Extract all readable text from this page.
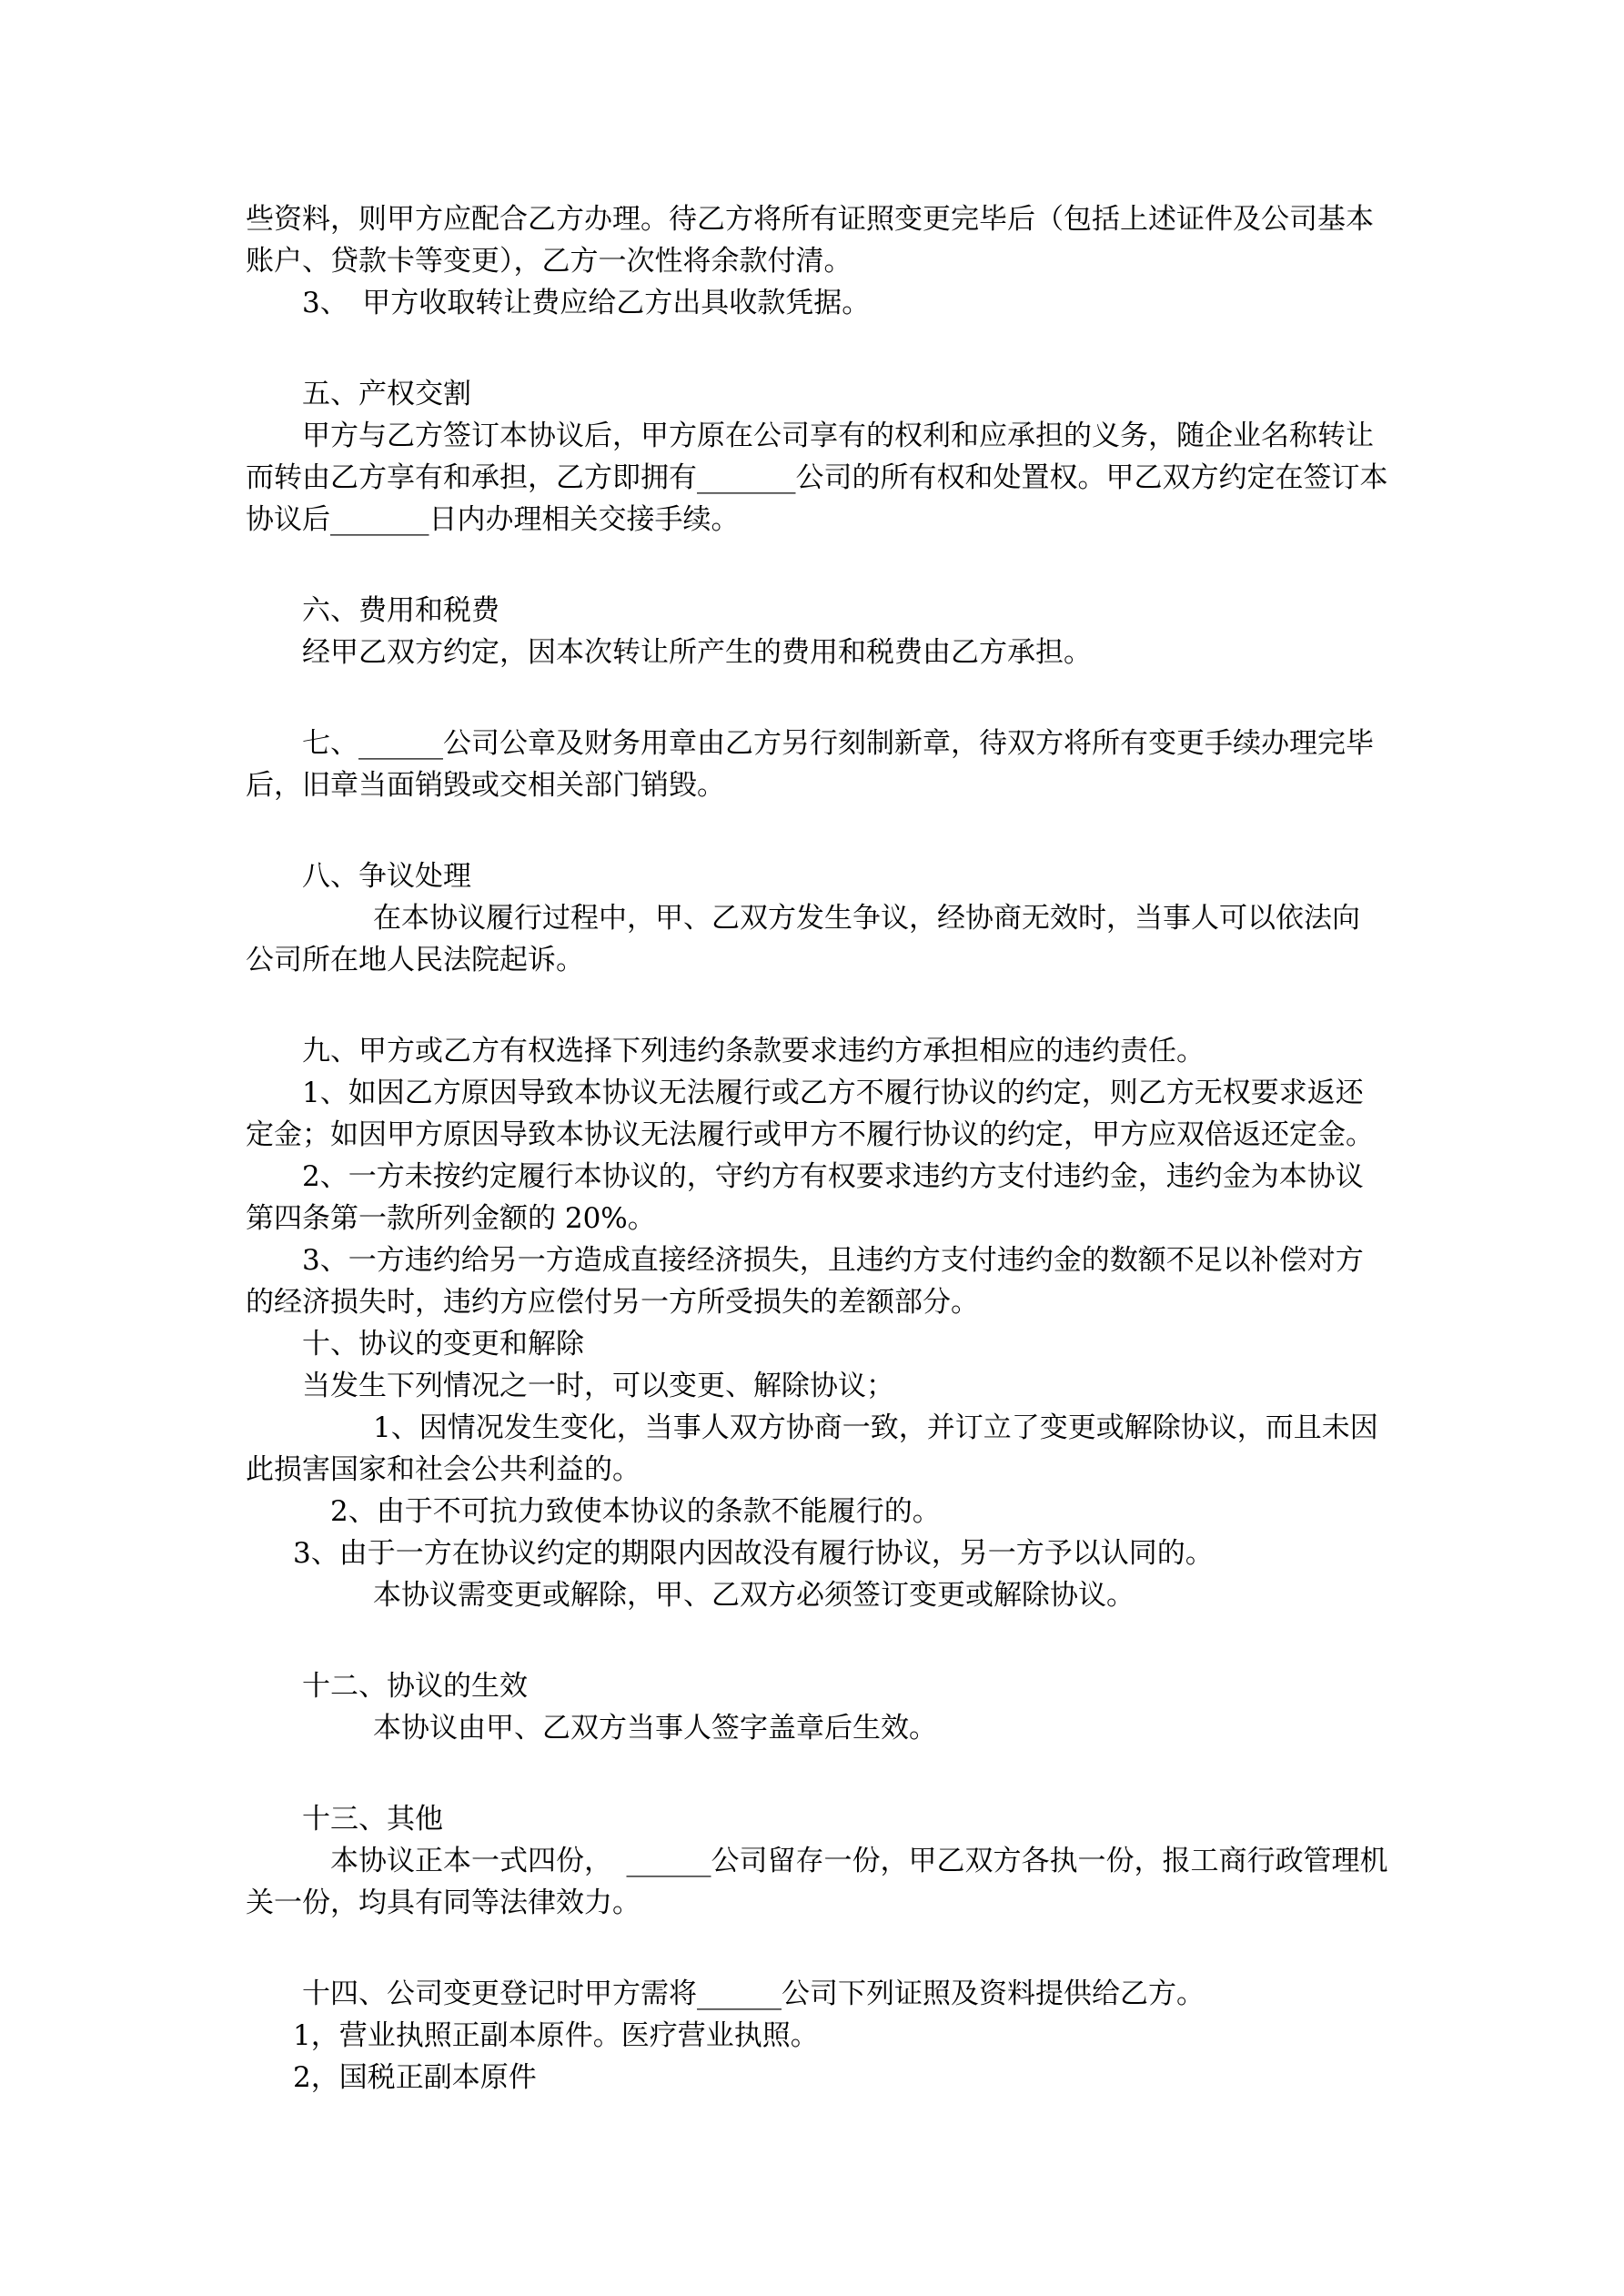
些资料，则甲方应配合乙方办理。待乙方将所有证照变更完毕后（包括上述证件及公司基本

账户、贷款卡等变更），乙方一次性将余款付清。

3、　甲方收取转让费应给乙方出具收款凭据。

五、产权交割

甲方与乙方签订本协议后，甲方原在公司享有的权利和应承担的义务，随企业名称转让

而转由乙方享有和承担，乙方即拥有_______公司的所有权和处置权。甲乙双方约定在签订本

协议后_______日内办理相关交接手续。

六、费用和税费

经甲乙双方约定，因本次转让所产生的费用和税费由乙方承担。

七、______公司公章及财务用章由乙方另行刻制新章，待双方将所有变更手续办理完毕

后，旧章当面销毁或交相关部门销毁。

八、争议处理

在本协议履行过程中，甲、乙双方发生争议，经协商无效时，当事人可以依法向

公司所在地人民法院起诉。

九、甲方或乙方有权选择下列违约条款要求违约方承担相应的违约责任。

1、如因乙方原因导致本协议无法履行或乙方不履行协议的约定，则乙方无权要求返还

定金；如因甲方原因导致本协议无法履行或甲方不履行协议的约定，甲方应双倍返还定金。

2、一方未按约定履行本协议的，守约方有权要求违约方支付违约金，违约金为本协议

第四条第一款所列金额的 20%。

3、一方违约给另一方造成直接经济损失，且违约方支付违约金的数额不足以补偿对方

的经济损失时，违约方应偿付另一方所受损失的差额部分。

十、协议的变更和解除

当发生下列情况之一时，可以变更、解除协议；

1、因情况发生变化，当事人双方协商一致，并订立了变更或解除协议，而且未因

此损害国家和社会公共利益的。

2、由于不可抗力致使本协议的条款不能履行的。

3、由于一方在协议约定的期限内因故没有履行协议，另一方予以认同的。

本协议需变更或解除，甲、乙双方必须签订变更或解除协议。

十二、协议的生效

本协议由甲、乙双方当事人签字盖章后生效。

十三、其他

本协议正本一式四份，　______公司留存一份，甲乙双方各执一份，报工商行政管理机

关一份，均具有同等法律效力。

十四、公司变更登记时甲方需将______公司下列证照及资料提供给乙方。

1，营业执照正副本原件。医疗营业执照。

2，国税正副本原件
